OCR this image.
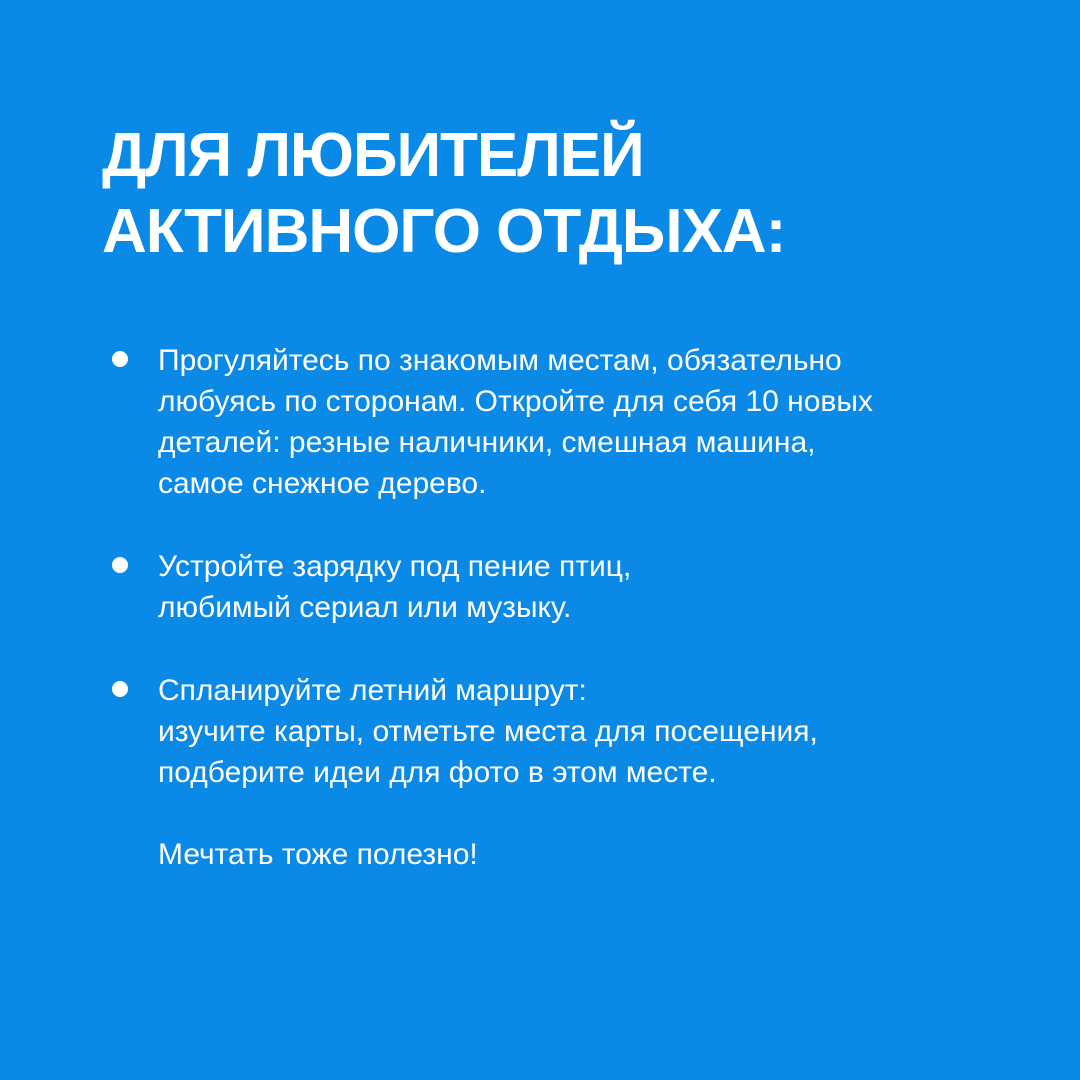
ДЛЯ ЛЮБИТЕЛЕЙ
АКТИВНОГО ОТДЫХА:
Прогуляйтесь по знакомым местам, обязательно
любуясь по сторонам. Откройте для себя 10 новых
деталей: резные наличники, смешная машина,
самое снежное дерево.
Устройте зарядку под пение птиц,
любимый сериал или музыку.
Спланируйте летний маршрут:
изучите карты, отметьте места для посещения,
подберите идеи для фото в этом месте.
Мечтать тоже полезно!
